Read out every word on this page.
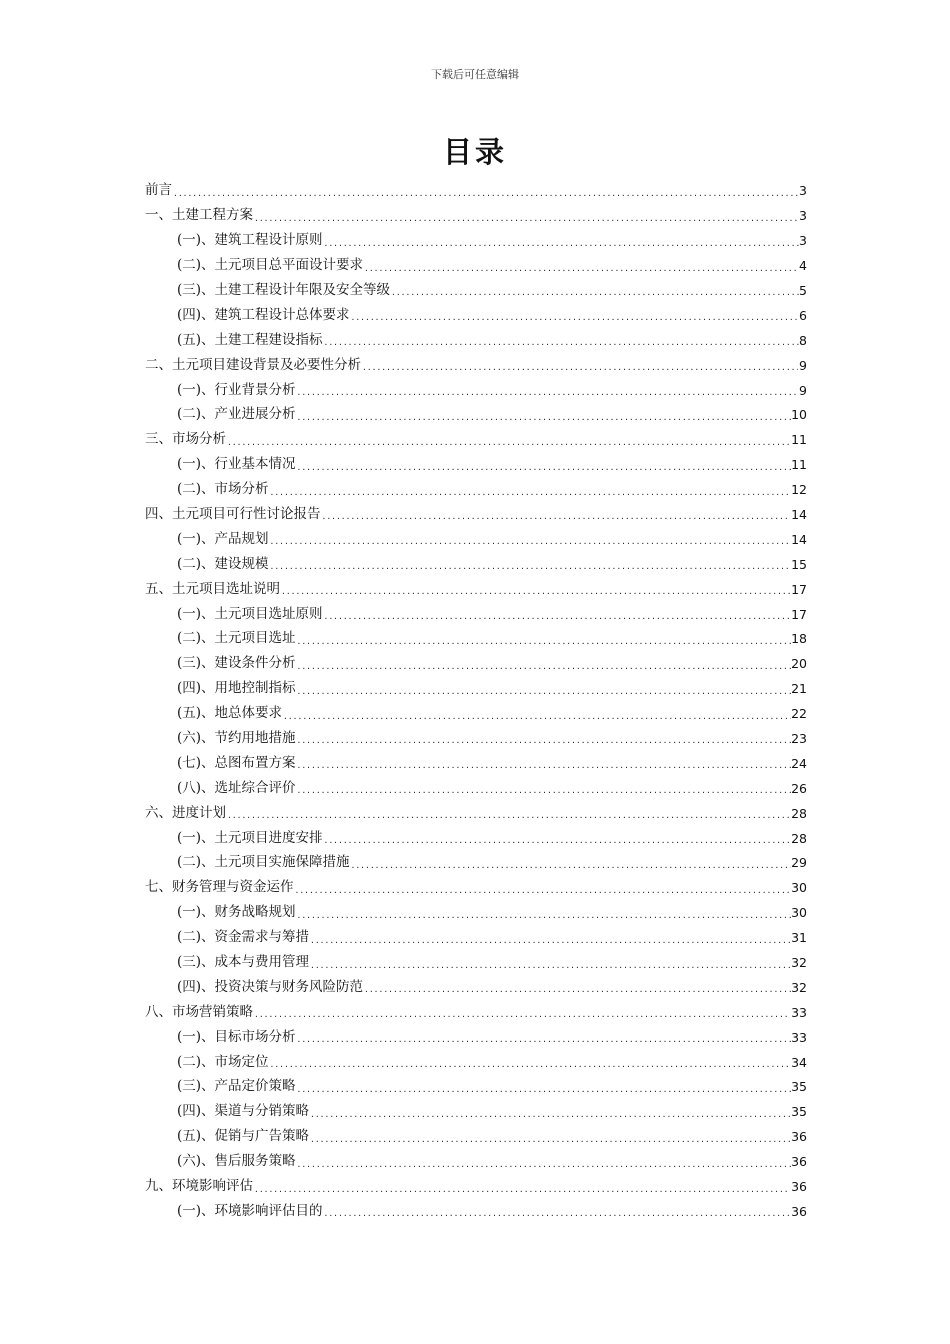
下载后可任意编辑
目录
前言 .....	3
一、土建工程方案 .....	3
(一)、建筑工程设计原则 .....	3
(二)、土元项目总平面设计要求 .....	4
(三)、土建工程设计年限及安全等级 .....	5
(四)、建筑工程设计总体要求 .....	6
(五)、土建工程建设指标 .....	8
二、土元项目建设背景及必要性分析 .....	9
(一)、行业背景分析 .....	9
(二)、产业进展分析 .....	10
三、市场分析 .....	11
(一)、行业基本情况 .....	11
(二)、市场分析 .....	12
四、土元项目可行性讨论报告 .....	14
(一)、产品规划 .....	14
(二)、建设规模 .....	15
五、土元项目选址说明 .....	17
(一)、土元项目选址原则 .....	17
(二)、土元项目选址 .....	18
(三)、建设条件分析 .....	20
(四)、用地控制指标 .....	21
(五)、地总体要求 .....	22
(六)、节约用地措施 .....	23
(七)、总图布置方案 .....	24
(八)、选址综合评价 .....	26
六、进度计划 .....	28
(一)、土元项目进度安排 .....	28
(二)、土元项目实施保障措施 .....	29
七、财务管理与资金运作 .....	30
(一)、财务战略规划 .....	30
(二)、资金需求与筹措 .....	31
(三)、成本与费用管理 .....	32
(四)、投资决策与财务风险防范 .....	32
八、市场营销策略 .....	33
(一)、目标市场分析 .....	33
(二)、市场定位 .....	34
(三)、产品定价策略 .....	35
(四)、渠道与分销策略 .....	35
(五)、促销与广告策略 .....	36
(六)、售后服务策略 .....	36
九、环境影响评估 .....	36
(一)、环境影响评估目的 .....	36
